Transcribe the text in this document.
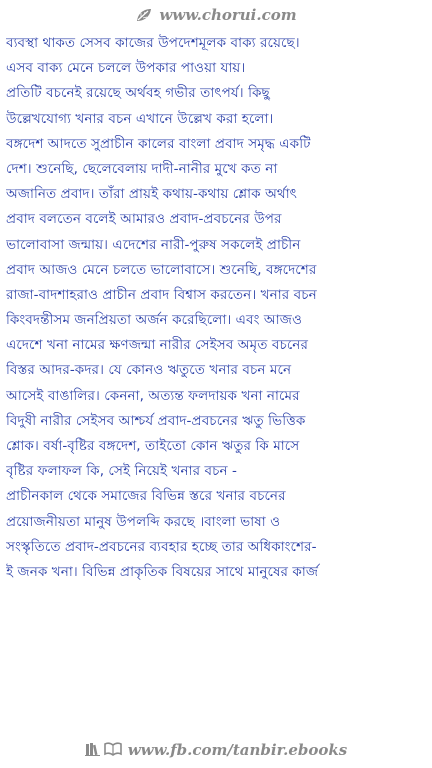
www.chorui.com
ব্যবস্থা থাকত সেসব কাজের উপদেশমূলক বাক্য রয়েছে।
এসব বাক্য মেনে চললে উপকার পাওয়া যায়।
প্রতিটি বচনেই রয়েছে অর্থবহ গভীর তাৎপর্য। কিছু
উল্লেখযোগ্য খনার বচন এখানে উল্লেখ করা হলো।
বঙ্গদেশ আদতে সুপ্রাচীন কালের বাংলা প্রবাদ সমৃদ্ধ একটি
দেশ। শুনেছি, ছেলেবেলায় দাদী-নানীর মুখে কত না
অজানিত প্রবাদ। তাঁরা প্রায়ই কথায়-কথায় শ্লোক অর্থাৎ
প্রবাদ বলতেন বলেই আমারও প্রবাদ-প্রবচনের উপর
ভালোবাসা জন্মায়। এদেশের নারী-পুরুষ সকলেই প্রাচীন
প্রবাদ আজও মেনে চলতে ভালোবাসে। শুনেছি, বঙ্গদেশের
রাজা-বাদশাহরাও প্রাচীন প্রবাদ বিশ্বাস করতেন। খনার বচন
কিংবদন্তীসম জনপ্রিয়তা অর্জন করেছিলো। এবং আজও
এদেশে খনা নামের ক্ষণজন্মা নারীর সেইসব অমৃত বচনের
বিস্তর আদর-কদর। যে কোনও ঋতুতে খনার বচন মনে
আসেই বাঙালির। কেননা, অত্যন্ত ফলদায়ক খনা নামের
বিদুষী নারীর সেইসব আশ্চর্য প্রবাদ-প্রবচনের ঋতু ভিত্তিক
শ্লোক। বর্ষা-বৃষ্টির বঙ্গদেশ, তাইতো কোন ঋতুর কি মাসে
বৃষ্টির ফলাফল কি, সেই নিয়েই খনার বচন -
প্রাচীনকাল থেকে সমাজের বিভিন্ন স্তরে খনার বচনের
প্রয়োজনীয়তা মানুষ উপলব্দি করছে ।বাংলা ভাষা ও
সংস্কৃতিতে প্রবাদ-প্রবচনের ব্যবহার হচ্ছে তার অধিকাংশের-
ই জনক খনা। বিভিন্ন প্রাকৃতিক বিষয়ের সাথে মানুষের কার্জ
www.fb.com/tanbir.ebooks
